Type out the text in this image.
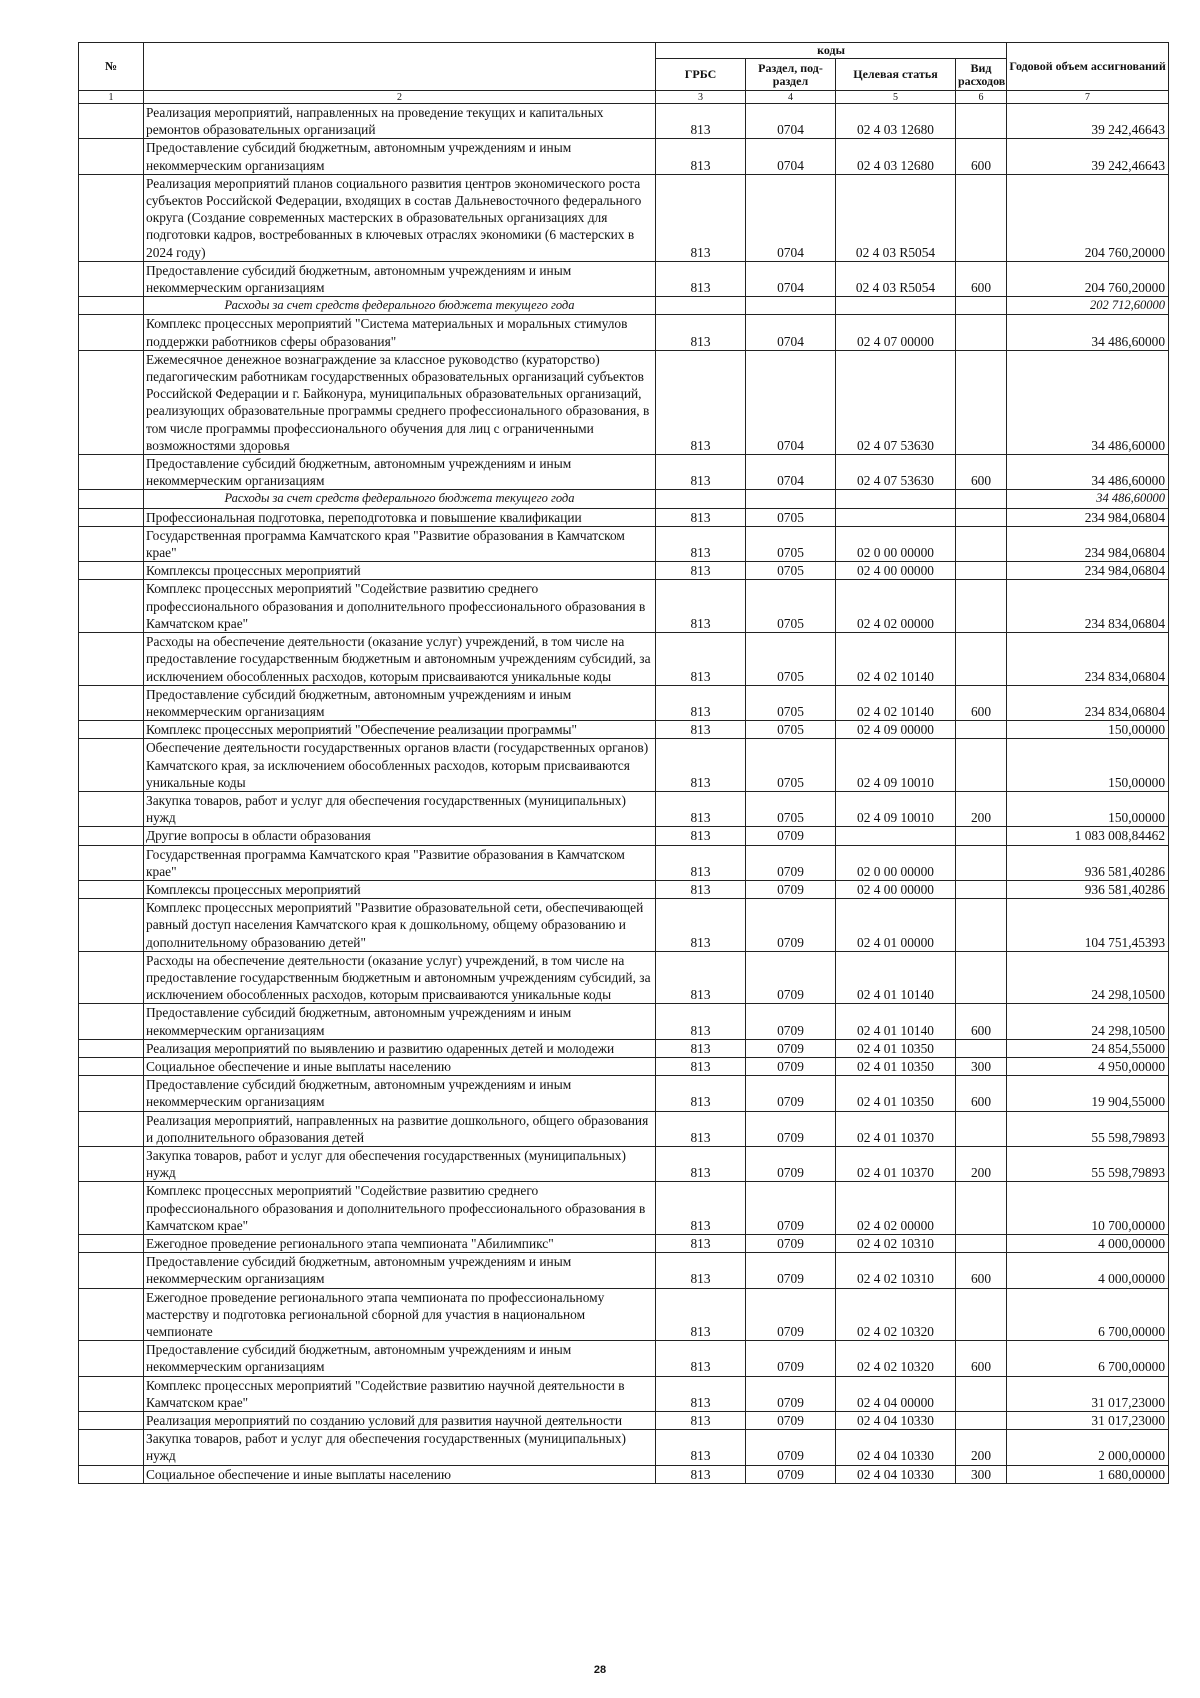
№		коды				Годовой объем ассигнований
		ГРБС	Раздел, под-раздел	Целевая статья	Вид расходов	
1	2	3	4	5	6	7
	Реализация мероприятий, направленных на проведение текущих и капитальных ремонтов образовательных организаций	813	0704	02 4 03 12680		39 242,46643
	Предоставление субсидий бюджетным, автономным учреждениям и иным некоммерческим организациям	813	0704	02 4 03 12680	600	39 242,46643
	Реализация мероприятий планов социального развития центров экономического роста субъектов Российской Федерации, входящих в состав Дальневосточного федерального округа (Создание современных мастерских в образовательных организациях для подготовки кадров, востребованных в ключевых отраслях экономики (6 мастерских в 2024 году)	813	0704	02 4 03 R5054		204 760,20000
	Предоставление субсидий бюджетным, автономным учреждениям и иным некоммерческим организациям	813	0704	02 4 03 R5054	600	204 760,20000
	Расходы за счет средств федерального бюджета текущего года					202 712,60000
	Комплекс процессных мероприятий "Система материальных и моральных стимулов поддержки работников сферы образования"	813	0704	02 4 07 00000		34 486,60000
	Ежемесячное денежное вознаграждение за классное руководство (кураторство) педагогическим работникам государственных образовательных организаций субъектов Российской Федерации и г. Байконура, муниципальных образовательных организаций, реализующих образовательные программы среднего профессионального образования, в том числе программы профессионального обучения для лиц с ограниченными возможностями здоровья	813	0704	02 4 07 53630		34 486,60000
	Предоставление субсидий бюджетным, автономным учреждениям и иным некоммерческим организациям	813	0704	02 4 07 53630	600	34 486,60000
	Расходы за счет средств федерального бюджета текущего года					34 486,60000
	Профессиональная подготовка, переподготовка и повышение квалификации	813	0705			234 984,06804
	Государственная программа Камчатского края "Развитие образования в Камчатском крае"	813	0705	02 0 00 00000		234 984,06804
	Комплексы процессных мероприятий	813	0705	02 4 00 00000		234 984,06804
	Комплекс процессных мероприятий "Содействие развитию среднего профессионального образования и дополнительного профессионального образования в Камчатском крае"	813	0705	02 4 02 00000		234 834,06804
	Расходы на обеспечение деятельности (оказание услуг) учреждений, в том числе на предоставление государственным бюджетным и автономным учреждениям субсидий, за исключением обособленных расходов, которым присваиваются уникальные коды	813	0705	02 4 02 10140		234 834,06804
	Предоставление субсидий бюджетным, автономным учреждениям и иным некоммерческим организациям	813	0705	02 4 02 10140	600	234 834,06804
	Комплекс процессных мероприятий "Обеспечение реализации программы"	813	0705	02 4 09 00000		150,00000
	Обеспечение деятельности государственных органов власти (государственных органов) Камчатского края, за исключением обособленных расходов, которым присваиваются уникальные коды	813	0705	02 4 09 10010		150,00000
	Закупка товаров, работ и услуг для обеспечения государственных (муниципальных) нужд	813	0705	02 4 09 10010	200	150,00000
	Другие вопросы в области образования	813	0709			1 083 008,84462
	Государственная программа Камчатского края "Развитие образования в Камчатском крае"	813	0709	02 0 00 00000		936 581,40286
	Комплексы процессных мероприятий	813	0709	02 4 00 00000		936 581,40286
	Комплекс процессных мероприятий "Развитие образовательной сети, обеспечивающей равный доступ населения Камчатского края к дошкольному, общему образованию и дополнительному образованию детей"	813	0709	02 4 01 00000		104 751,45393
	Расходы на обеспечение деятельности (оказание услуг) учреждений, в том числе на предоставление государственным бюджетным и автономным учреждениям субсидий, за исключением обособленных расходов, которым присваиваются уникальные коды	813	0709	02 4 01 10140		24 298,10500
	Предоставление субсидий бюджетным, автономным учреждениям и иным некоммерческим организациям	813	0709	02 4 01 10140	600	24 298,10500
	Реализация мероприятий по выявлению и развитию одаренных детей и молодежи	813	0709	02 4 01 10350		24 854,55000
	Социальное обеспечение и иные выплаты населению	813	0709	02 4 01 10350	300	4 950,00000
	Предоставление субсидий бюджетным, автономным учреждениям и иным некоммерческим организациям	813	0709	02 4 01 10350	600	19 904,55000
	Реализация мероприятий, направленных на развитие дошкольного, общего образования и дополнительного образования детей	813	0709	02 4 01 10370		55 598,79893
	Закупка товаров, работ и услуг для обеспечения государственных (муниципальных) нужд	813	0709	02 4 01 10370	200	55 598,79893
	Комплекс процессных мероприятий "Содействие развитию среднего профессионального образования и дополнительного профессионального образования в Камчатском крае"	813	0709	02 4 02 00000		10 700,00000
	Ежегодное проведение регионального этапа чемпионата "Абилимпикс"	813	0709	02 4 02 10310		4 000,00000
	Предоставление субсидий бюджетным, автономным учреждениям и иным некоммерческим организациям	813	0709	02 4 02 10310	600	4 000,00000
	Ежегодное проведение регионального этапа чемпионата по профессиональному мастерству и подготовка региональной сборной для участия в национальном чемпионате	813	0709	02 4 02 10320		6 700,00000
	Предоставление субсидий бюджетным, автономным учреждениям и иным некоммерческим организациям	813	0709	02 4 02 10320	600	6 700,00000
	Комплекс процессных мероприятий "Содействие развитию научной деятельности в Камчатском крае"	813	0709	02 4 04 00000		31 017,23000
	Реализация мероприятий по созданию условий для развития научной деятельности	813	0709	02 4 04 10330		31 017,23000
	Закупка товаров, работ и услуг для обеспечения государственных (муниципальных) нужд	813	0709	02 4 04 10330	200	2 000,00000
	Социальное обеспечение и иные выплаты населению	813	0709	02 4 04 10330	300	1 680,00000
28
